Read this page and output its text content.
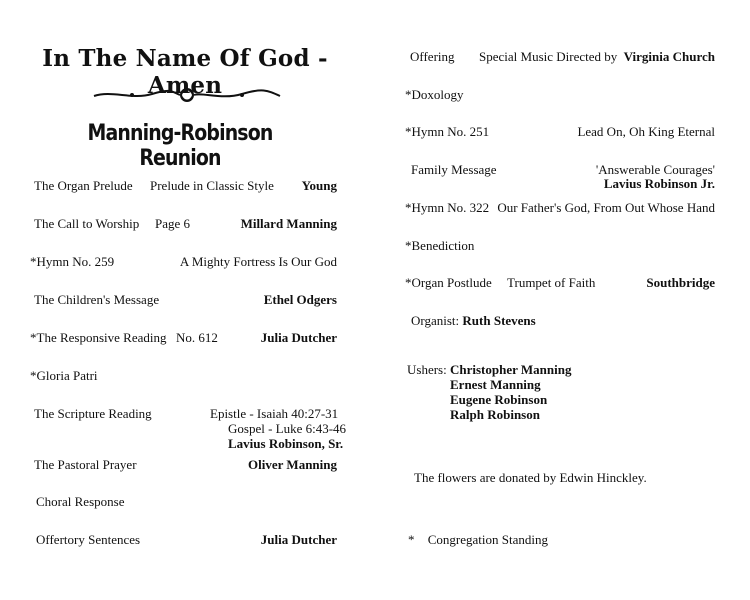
In The Name Of God - Amen
Manning-Robinson Reunion
The Organ Prelude Prelude in Classic Style Young
The Call to Worship Page 6	Millard Manning
*Hymn No. 259	A Mighty Fortress Is Our God
The Children's Message	Ethel Odgers
*The Responsive Reading No. 612	Julia Dutcher
*Gloria Patri
The Scripture Reading	Epistle - Isaiah 40:27-31
Gospel - Luke 6:43-46
Lavius Robinson, Sr.
The Pastoral Prayer	Oliver Manning
Choral Response
Offertory Sentences	Julia Dutcher
Offering Special Music Directed by Virginia Church
*Doxology
*Hymn No. 251	Lead On, Oh King Eternal
Family Message	'Answerable Courages'
Lavius Robinson Jr.
*Hymn No. 322 Our Father's God, From Out Whose Hand
*Benediction
*Organ Postlude Trumpet of Faith	Southbridge
Organist: Ruth Stevens
Ushers: Christopher Manning
Ernest Manning
Eugene Robinson
Ralph Robinson
The flowers are donated by Edwin Hinckley.
* Congregation Standing
